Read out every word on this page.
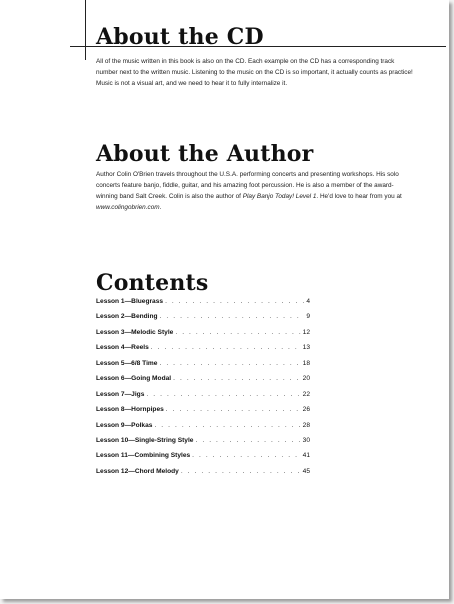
About the CD

All of the music written in this book is also on the CD. Each example on the CD has a corresponding track number next to the written music. Listening to the music on the CD is so important, it actually counts as practice! Music is not a visual art, and we need to hear it to fully internalize it.

About the Author

Author Colin O'Brien travels throughout the U.S.A. performing concerts and presenting workshops. His solo concerts feature banjo, fiddle, guitar, and his amazing foot percussion. He is also a member of the award-winning band Salt Creek. Colin is also the author of Play Banjo Today! Level 1. He'd love to hear from you at www.colingobrien.com.

Contents
Lesson 1—Bluegrass . . .	4
Lesson 2—Bending . . .	9
Lesson 3—Melodic Style . . .	12
Lesson 4—Reels . . .	13
Lesson 5—6/8 Time . . .	18
Lesson 6—Going Modal . . .	20
Lesson 7—Jigs . . .	22
Lesson 8—Hornpipes . . .	26
Lesson 9—Polkas . . .	28
Lesson 10—Single-String Style . . .	30
Lesson 11—Combining Styles . . .	41
Lesson 12—Chord Melody . . .	45
